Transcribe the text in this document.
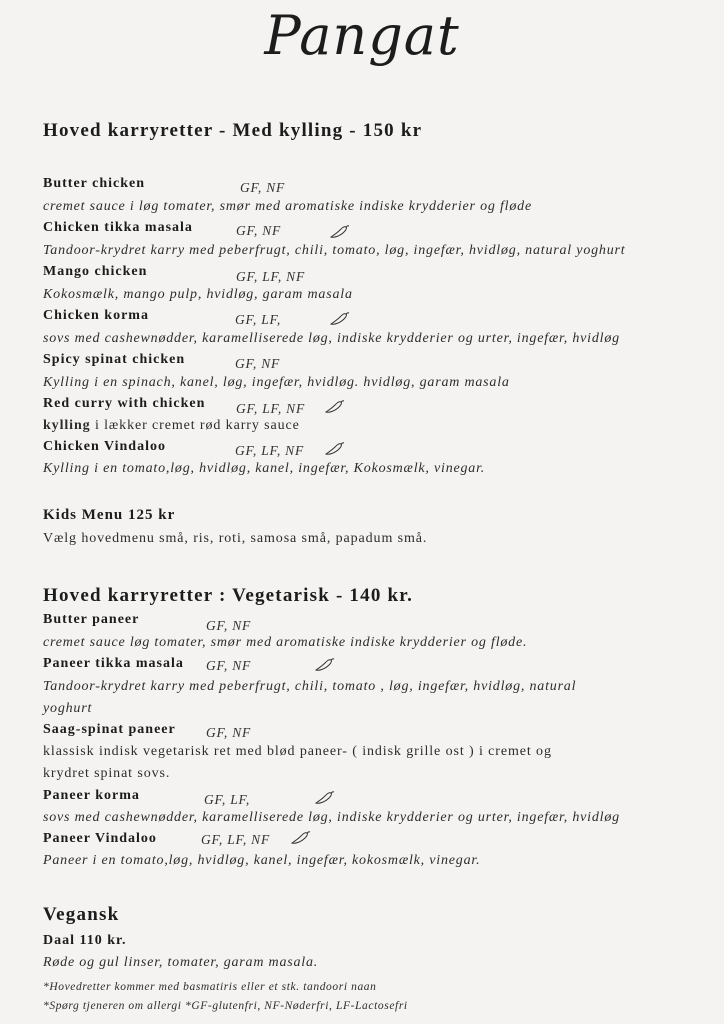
Pangat
Hoved karryretter - Med kylling - 150 kr
Butter chicken	GF, NF
cremet sauce i løg tomater, smør med aromatiske indiske krydderier og fløde
Chicken tikka masala	GF, NF
Tandoor-krydret karry med peberfrugt, chili, tomato, løg, ingefær, hvidløg, natural yoghurt
Mango chicken	GF, LF, NF
Kokosmælk, mango pulp, hvidløg, garam masala
Chicken korma	GF, LF,
sovs med cashewnødder, karamelliserede løg, indiske krydderier og urter, ingefær, hvidløg
Spicy spinat chicken	GF, NF
Kylling i en spinach, kanel, løg, ingefær, hvidløg. hvidløg, garam masala
Red curry with chicken GF, LF, NF
kylling i lækker cremet rød karry sauce
Chicken Vindaloo	GF, LF, NF
Kylling i en tomato,løg, hvidløg, kanel, ingefær, Kokosmælk, vinegar.
Kids Menu 125 kr
Vælg hovedmenu små, ris, roti, samosa små, papadum små.
Hoved karryretter : Vegetarisk - 140 kr.
Butter paneer	GF, NF
cremet sauce løg tomater, smør med aromatiske indiske krydderier og fløde.
Paneer tikka masala GF, NF
Tandoor-krydret karry med peberfrugt, chili, tomato , løg, ingefær, hvidløg, natural
yoghurt
Saag-spinat paneer GF, NF
klassisk indisk vegetarisk ret med blød paneer- ( indisk grille ost ) i cremet og
krydret spinat sovs.
Paneer korma	GF, LF,
sovs med cashewnødder, karamelliserede løg, indiske krydderier og urter, ingefær, hvidløg
Paneer Vindaloo	GF, LF, NF
Paneer i en tomato,løg, hvidløg, kanel, ingefær, kokosmælk, vinegar.
Vegansk
Daal 110 kr.
Røde og gul linser, tomater, garam masala.
*Hovedretter kommer med basmatiris eller et stk. tandoori naan
*Spørg tjeneren om allergi *GF-glutenfri, NF-Nøderfri, LF-Lactosefri
